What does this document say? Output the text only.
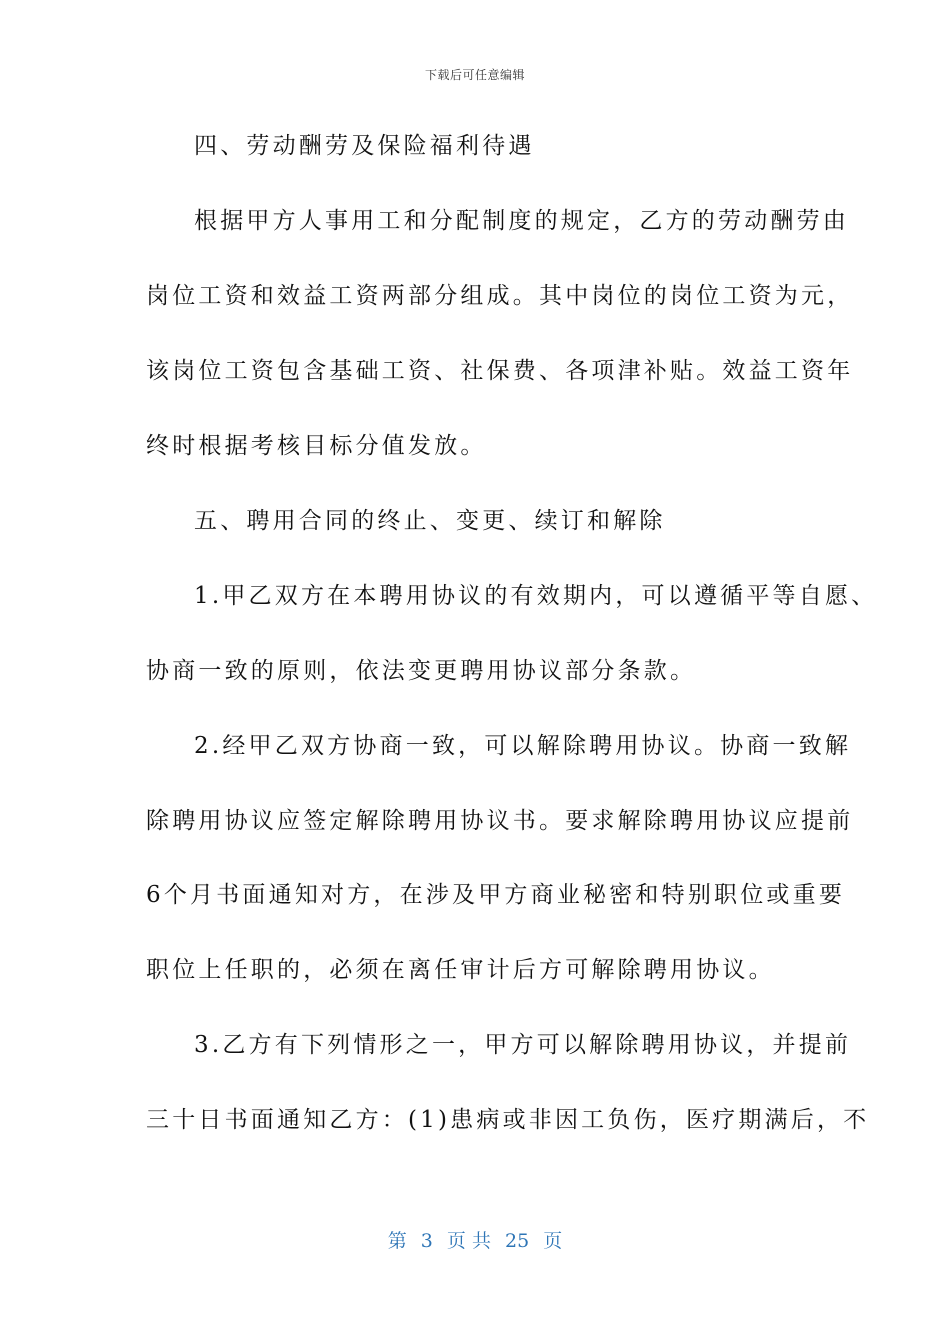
下载后可任意编辑
四、劳动酬劳及保险福利待遇
根据甲方人事用工和分配制度的规定，乙方的劳动酬劳由
岗位工资和效益工资两部分组成。其中岗位的岗位工资为元，
该岗位工资包含基础工资、社保费、各项津补贴。效益工资年
终时根据考核目标分值发放。
五、聘用合同的终止、变更、续订和解除
1.甲乙双方在本聘用协议的有效期内，可以遵循平等自愿、
协商一致的原则，依法变更聘用协议部分条款。
2.经甲乙双方协商一致，可以解除聘用协议。协商一致解
除聘用协议应签定解除聘用协议书。要求解除聘用协议应提前
6个月书面通知对方，在涉及甲方商业秘密和特别职位或重要
职位上任职的，必须在离任审计后方可解除聘用协议。
3.乙方有下列情形之一，甲方可以解除聘用协议，并提前
三十日书面通知乙方：(1)患病或非因工负伤，医疗期满后，不
第 3 页 共 25 页
